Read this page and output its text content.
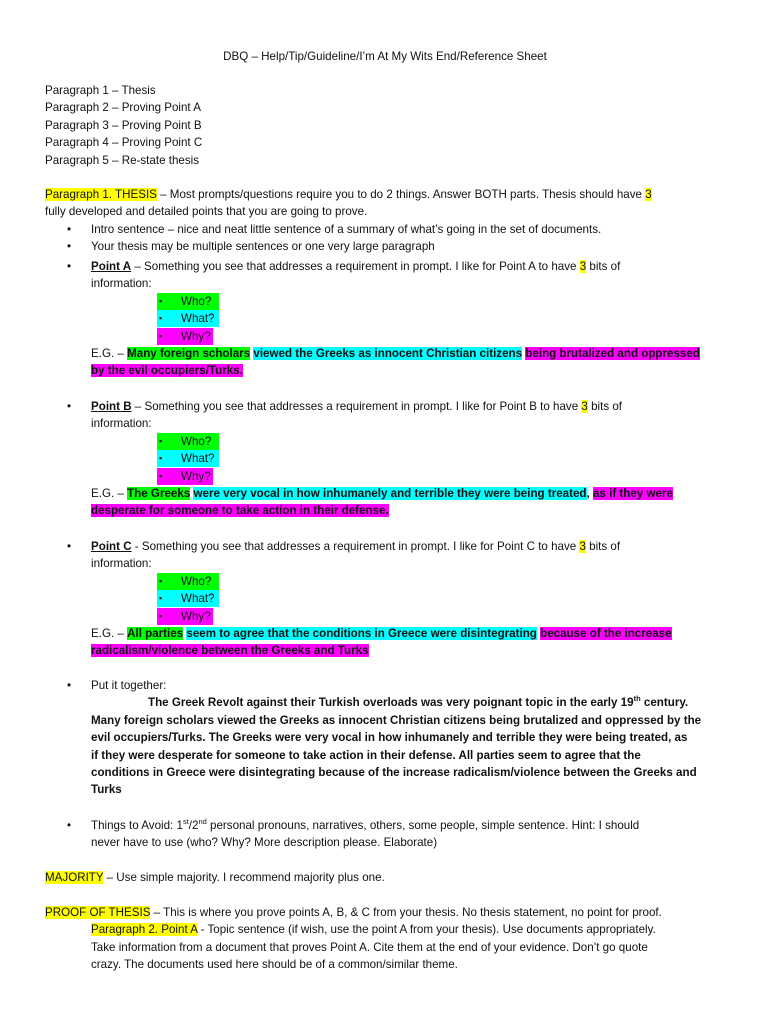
DBQ – Help/Tip/Guideline/I’m At My Wits End/Reference Sheet
Paragraph 1 – Thesis
Paragraph 2 – Proving Point A
Paragraph 3 – Proving Point B
Paragraph 4 – Proving Point C
Paragraph 5 – Re-state thesis
Paragraph 1. THESIS – Most prompts/questions require you to do 2 things. Answer BOTH parts. Thesis should have 3
fully developed and detailed points that you are going to prove.
• Intro sentence – nice and neat little sentence of a summary of what’s going in the set of documents.
• Your thesis may be multiple sentences or one very large paragraph
• Point A – Something you see that addresses a requirement in prompt. I like for Point A to have 3 bits of
information:
▪ Who?
▪ What?
▪ Why?
E.G. – Many foreign scholars viewed the Greeks as innocent Christian citizens being brutalized and oppressed
by the evil occupiers/Turks.
• Point B – Something you see that addresses a requirement in prompt. I like for Point B to have 3 bits of
information:
▪ Who?
▪ What?
▪ Why?
E.G. – The Greeks were very vocal in how inhumanely and terrible they were being treated, as if they were
desperate for someone to take action in their defense.
• Point C - Something you see that addresses a requirement in prompt. I like for Point C to have 3 bits of
information:
▪ Who?
▪ What?
▪ Why?
E.G. – All parties seem to agree that the conditions in Greece were disintegrating because of the increase
radicalism/violence between the Greeks and Turks
• Put it together:
The Greek Revolt against their Turkish overloads was very poignant topic in the early 19th century.
Many foreign scholars viewed the Greeks as innocent Christian citizens being brutalized and oppressed by the
evil occupiers/Turks. The Greeks were very vocal in how inhumanely and terrible they were being treated, as
if they were desperate for someone to take action in their defense. All parties seem to agree that the
conditions in Greece were disintegrating because of the increase radicalism/violence between the Greeks and
Turks
• Things to Avoid: 1st/2nd personal pronouns, narratives, others, some people, simple sentence. Hint: I should
never have to use (who? Why? More description please. Elaborate)
MAJORITY – Use simple majority. I recommend majority plus one.
PROOF OF THESIS – This is where you prove points A, B, & C from your thesis. No thesis statement, no point for proof.
Paragraph 2. Point A - Topic sentence (if wish, use the point A from your thesis). Use documents appropriately.
Take information from a document that proves Point A. Cite them at the end of your evidence. Don’t go quote
crazy. The documents used here should be of a common/similar theme.
